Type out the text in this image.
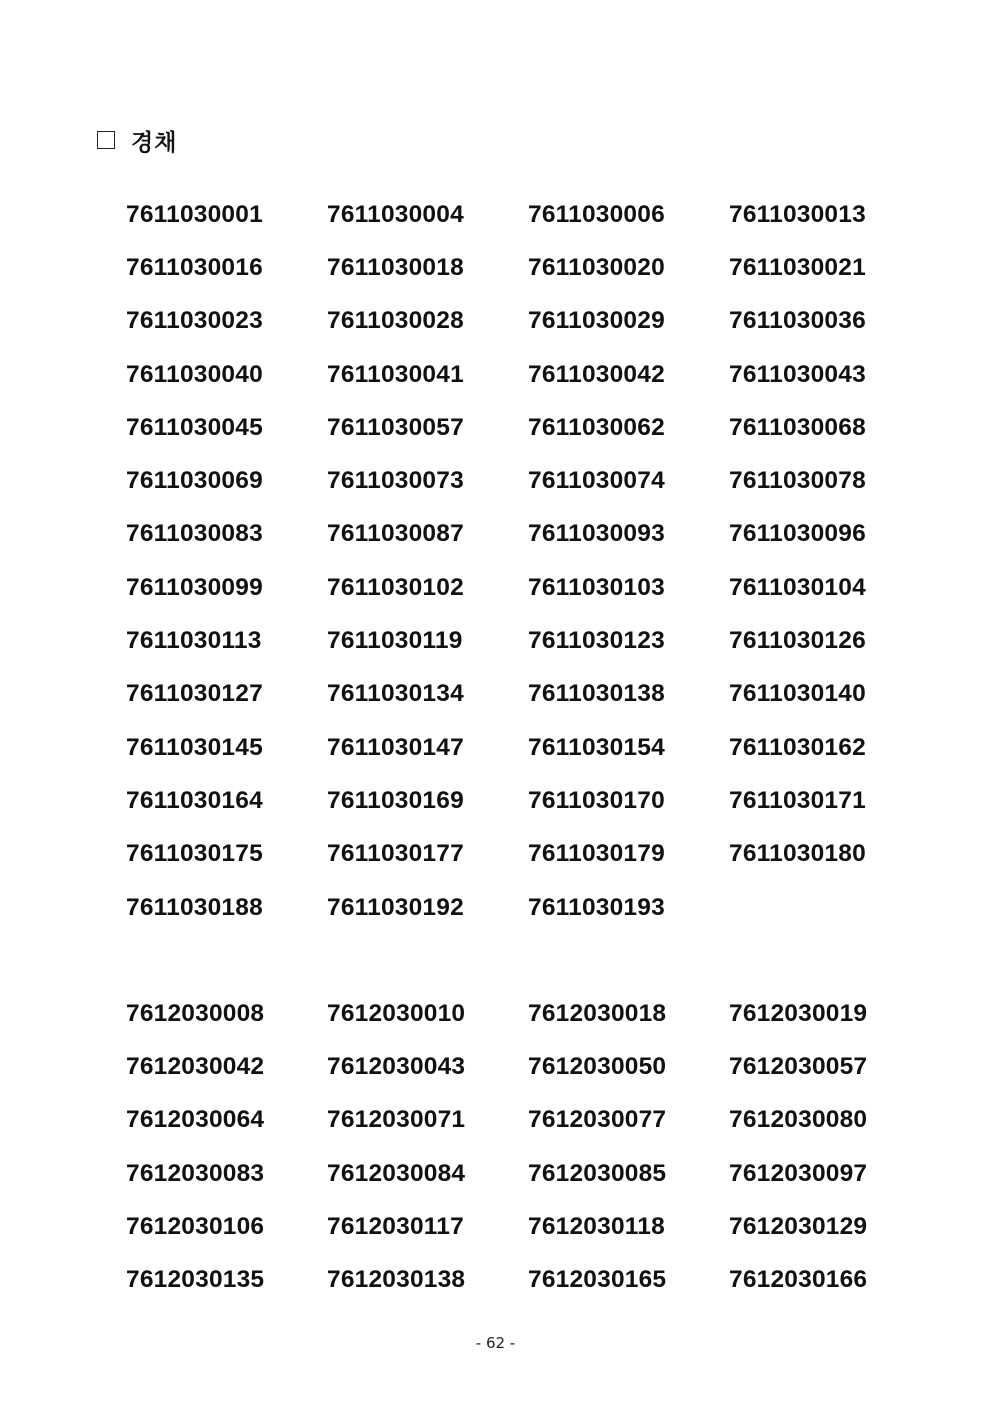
경채
7611030001	7611030004	7611030006	7611030013
7611030016	7611030018	7611030020	7611030021
7611030023	7611030028	7611030029	7611030036
7611030040	7611030041	7611030042	7611030043
7611030045	7611030057	7611030062	7611030068
7611030069	7611030073	7611030074	7611030078
7611030083	7611030087	7611030093	7611030096
7611030099	7611030102	7611030103	7611030104
7611030113	7611030119	7611030123	7611030126
7611030127	7611030134	7611030138	7611030140
7611030145	7611030147	7611030154	7611030162
7611030164	7611030169	7611030170	7611030171
7611030175	7611030177	7611030179	7611030180
7611030188	7611030192	7611030193
7612030008	7612030010	7612030018	7612030019
7612030042	7612030043	7612030050	7612030057
7612030064	7612030071	7612030077	7612030080
7612030083	7612030084	7612030085	7612030097
7612030106	7612030117	7612030118	7612030129
7612030135	7612030138	7612030165	7612030166
- 62 -
